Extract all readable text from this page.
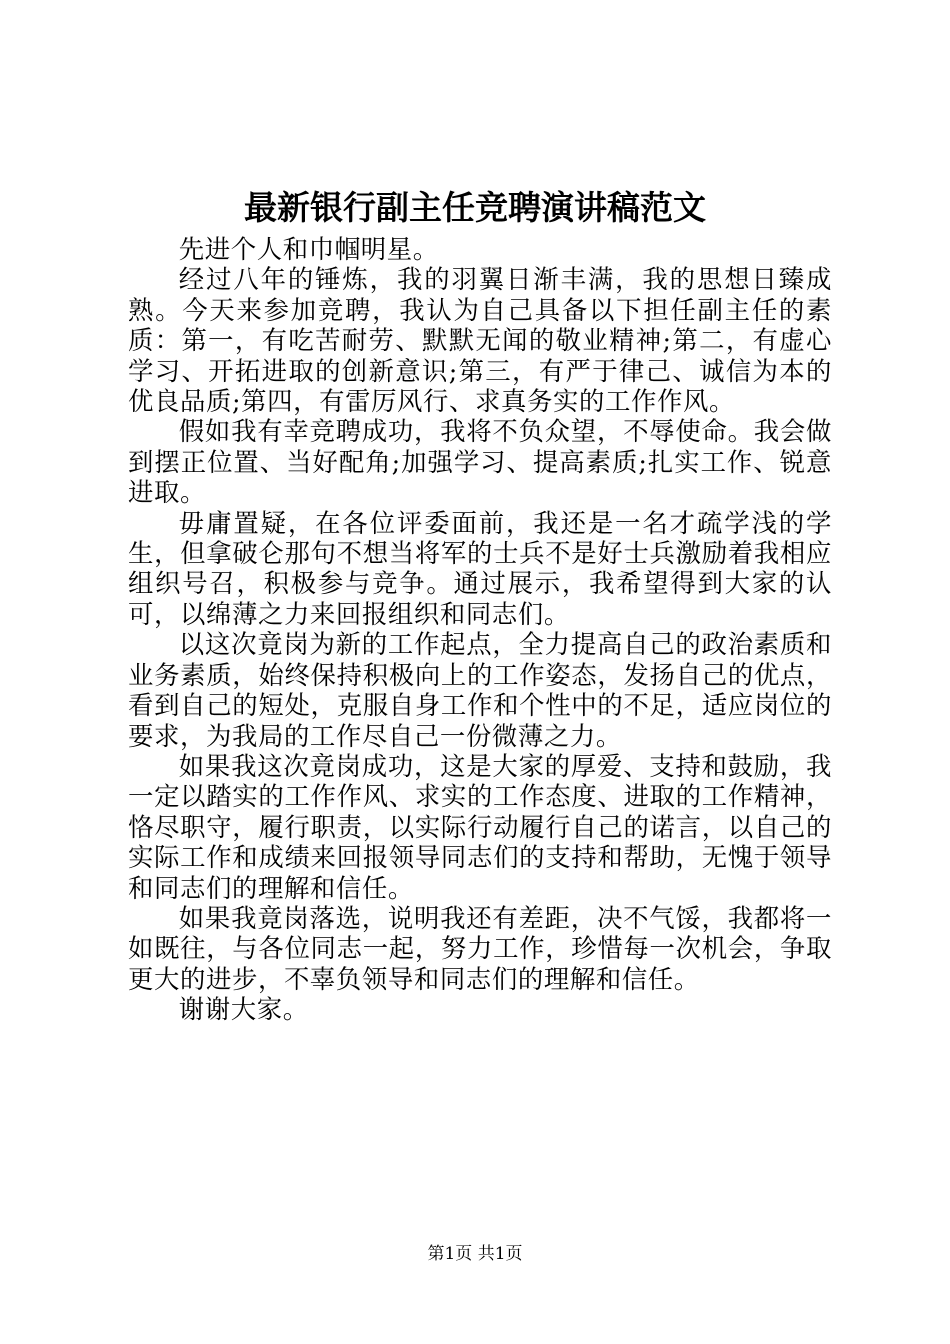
最新银行副主任竞聘演讲稿范文

先进个人和巾帼明星。

经过八年的锤炼，我的羽翼日渐丰满，我的思想日臻成熟。今天来参加竞聘，我认为自己具备以下担任副主任的素质：第一，有吃苦耐劳、默默无闻的敬业精神;第二，有虚心学习、开拓进取的创新意识;第三，有严于律己、诚信为本的优良品质;第四，有雷厉风行、求真务实的工作作风。

假如我有幸竞聘成功，我将不负众望，不辱使命。我会做到摆正位置、当好配角;加强学习、提高素质;扎实工作、锐意进取。

毋庸置疑，在各位评委面前，我还是一名才疏学浅的学生，但拿破仑那句不想当将军的士兵不是好士兵激励着我相应组织号召，积极参与竞争。通过展示，我希望得到大家的认可，以绵薄之力来回报组织和同志们。

以这次竟岗为新的工作起点，全力提高自己的政治素质和业务素质，始终保持积极向上的工作姿态，发扬自己的优点，看到自己的短处，克服自身工作和个性中的不足，适应岗位的要求，为我局的工作尽自己一份微薄之力。

如果我这次竟岗成功，这是大家的厚爱、支持和鼓励，我一定以踏实的工作作风、求实的工作态度、进取的工作精神，恪尽职守，履行职责，以实际行动履行自己的诺言，以自己的实际工作和成绩来回报领导同志们的支持和帮助，无愧于领导和同志们的理解和信任。

如果我竟岗落选，说明我还有差距，决不气馁，我都将一如既往，与各位同志一起，努力工作，珍惜每一次机会，争取更大的进步，不辜负领导和同志们的理解和信任。

谢谢大家。

第1页 共1页
